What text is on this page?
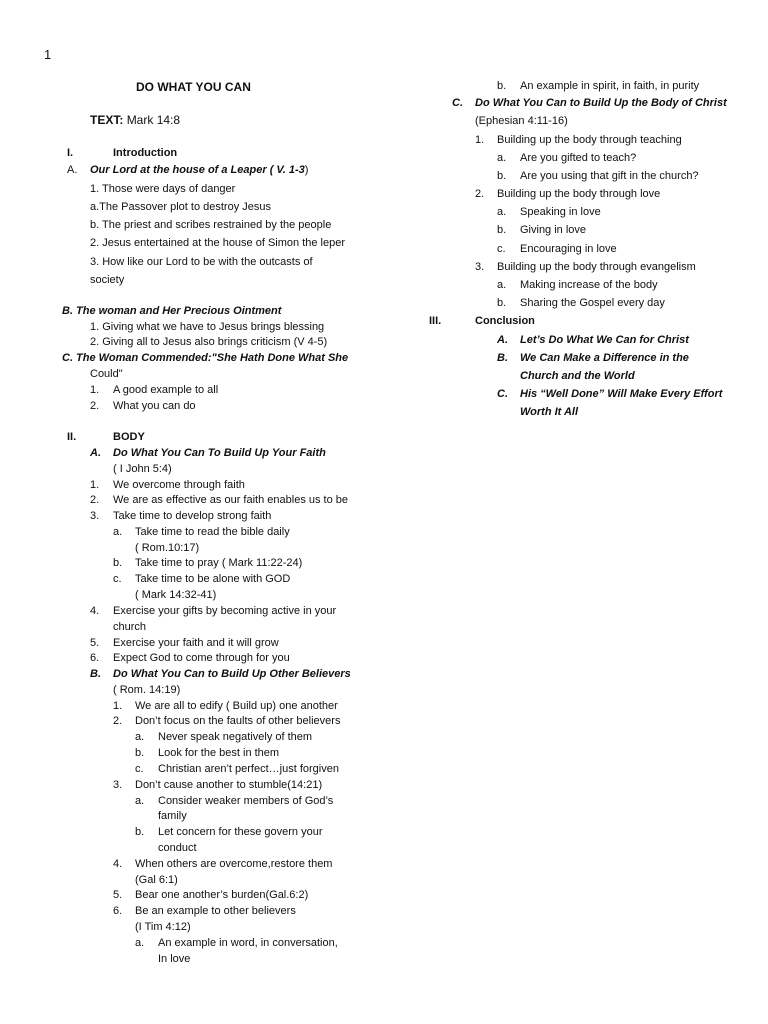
1
DO WHAT YOU CAN
TEXT: Mark 14:8
I.	Introduction
A. Our Lord at the house of a Leaper ( V. 1-3)
1. Those were days of danger
a.The Passover plot to destroy Jesus
b. The priest and scribes restrained by the people
2. Jesus entertained at the house of Simon the leper
3. How like our Lord to be with the outcasts of
society
B. The woman and Her Precious Ointment
1. Giving what we have to Jesus brings blessing
2. Giving all to Jesus also brings criticism (V 4-5)
C. The Woman Commended:"She Hath Done What She
Could"
1. A good example to all
2. What you can do
II.	BODY
A. Do What You Can To Build Up Your Faith
( I John 5:4)
1. We overcome through faith
2. We are as effective as our faith enables us to be
3. Take time to develop strong faith
a. Take time to read the bible daily
( Rom.10:17)
b. Take time to pray ( Mark 11:22-24)
c. Take time to be alone with GOD
( Mark 14:32-41)
4. Exercise your gifts by becoming active in your
church
5. Exercise your faith and it will grow
6. Expect God to come through for you
B. Do What You Can to Build Up Other Believers
( Rom. 14:19)
1. We are all to edify ( Build up) one another
2. Don’t focus on the faults of other believers
a. Never speak negatively of them
b. Look for the best in them
c. Christian aren’t perfect…just forgiven
3. Don’t cause another to stumble(14:21)
a. Consider weaker members of God’s
family
b. Let concern for these govern your
conduct
4. When others are overcome,restore them
(Gal 6:1)
5. Bear one another’s burden(Gal.6:2)
6. Be an example to other believers
(I Tim 4:12)
a. An example in word, in conversation,
In love
b. An example in spirit, in faith, in purity
C. Do What You Can to Build Up the Body of Christ
(Ephesian 4:11-16)
1. Building up the body through teaching
a. Are you gifted to teach?
b. Are you using that gift in the church?
2. Building up the body through love
a. Speaking in love
b. Giving in love
c. Encouraging in love
3. Building up the body through evangelism
a. Making increase of the body
b. Sharing the Gospel every day
III.	Conclusion
A. Let’s Do What We Can for Christ
B. We Can Make a Difference in the
Church and the World
C. His “Well Done” Will Make Every Effort
Worth It All
